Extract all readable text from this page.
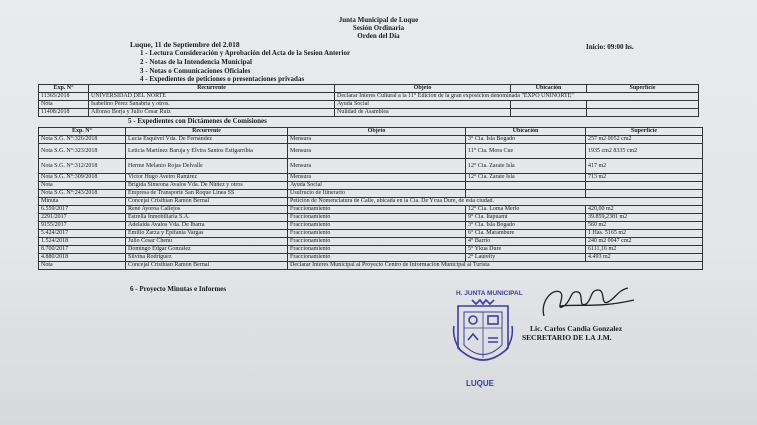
Junta Municipal de Luque
Sesión Ordinaria
Orden del Día
Luque, 11 de Septiembre del 2.018	Inicio: 09:00 hs.
1 - Lectura Consideración y Aprobación del Acta de la Sesion Anterior
2 - Notas de la Intendencia Municipal
3 - Notas o Comunicaciones Oficiales
4 - Expedientes de peticiones o presentaciones privadas
Exp. N°	Recurrente	Objeto	Ubicación	Superficie
11365/2018	UNIVERSIDAD DEL NORTE	Declarar Interes Cultural a la 11° Edicion de la gran exposicion denominada "EXPO UNINORTE"		
Nota	Isabelino Pérez Sanabria y otros.	Ayuda Social		
11408/2018	Alfonso Borja y Julio Cesar Ruiz	Nulidad de Asamblea		
5 - Expedientes con Dictámenes de Comisiones
Exp. N°	Recurrente	Objeto	Ubicación	Superficie
Nota S.G. N°:326/2018	Lucia Esquivel Vda. De Fernández	Mensura	3° Cia. Isla Bogado	257 m2 0052 cm2
Nota S.G. N°:323/2018	Leticia Martínez Baruja y Elvira Santos Estigarribia	Mensura	11° Cia. Mora Cue	1935 cm2 8335 cm2
Nota S.G. N°:312/2018	Herme Melanio Rojas Delvalle	Mensura	12° Cia. Zarate Isla	417 m2
Nota S.G. N°:309/2018	Victor Hugo Aveiro Ramirez	Mensura	12° Cia. Zarate Isla	713 m2
Nota	Brigida Simeona Avalos Vda. De Núñez y otros	Ayuda Social		
Nota S.G. N°:243/2018	Empresa de Transporte San Roque Linea SS	Usufructo de Itinerario		
Minuta	Concejal Cristhian Ramón Bernal	Petición de Nomenclatura de Calle, ubicada en la Cia. De Ycua Dure, de esta ciudad.		
6.559/2017	René Ayoroa Callejos	Fraccionamiento	12° Cia. Loma Merlo	420,00 m2
2291/2017	Estrella Inmobiliaria S.A.	Fraccionamiento	9° Cia. Itapuami	39.859,2381 m2
9155/2017	Adelaida Avalos Vda. De Ibarra	Fraccionamiento	3° Cia. Isla Bogado	560 m2
5.424/2017	Emilio Zarza y Epifania Vargas	Fraccionamiento	6° Cia. Marambure	1 Has. 5165 m2
1.524/2018	Julio Cesar Chenu	Fraccionamiento	4° Barrio	240 m2 0047 cm2
8.700/2017	Domingo Edgar González	Fraccionamiento	5° Ykua Dure	6111,16 m2
4.880/2018	Silvina Rodriguez	Fraccionamiento	2° Laurelty	4.493 m2
Nota	Concejal Cristhian Ramón Bernal	Declarar Interes Municipal al Proyecto Centro de Información Municipal al Turista		
6 - Proyecto Minutas e Informes
H. JUNTA MUNICIPAL
LUQUE
Lic. Carlos Candia Gonzalez
SECRETARIO DE LA J.M.
